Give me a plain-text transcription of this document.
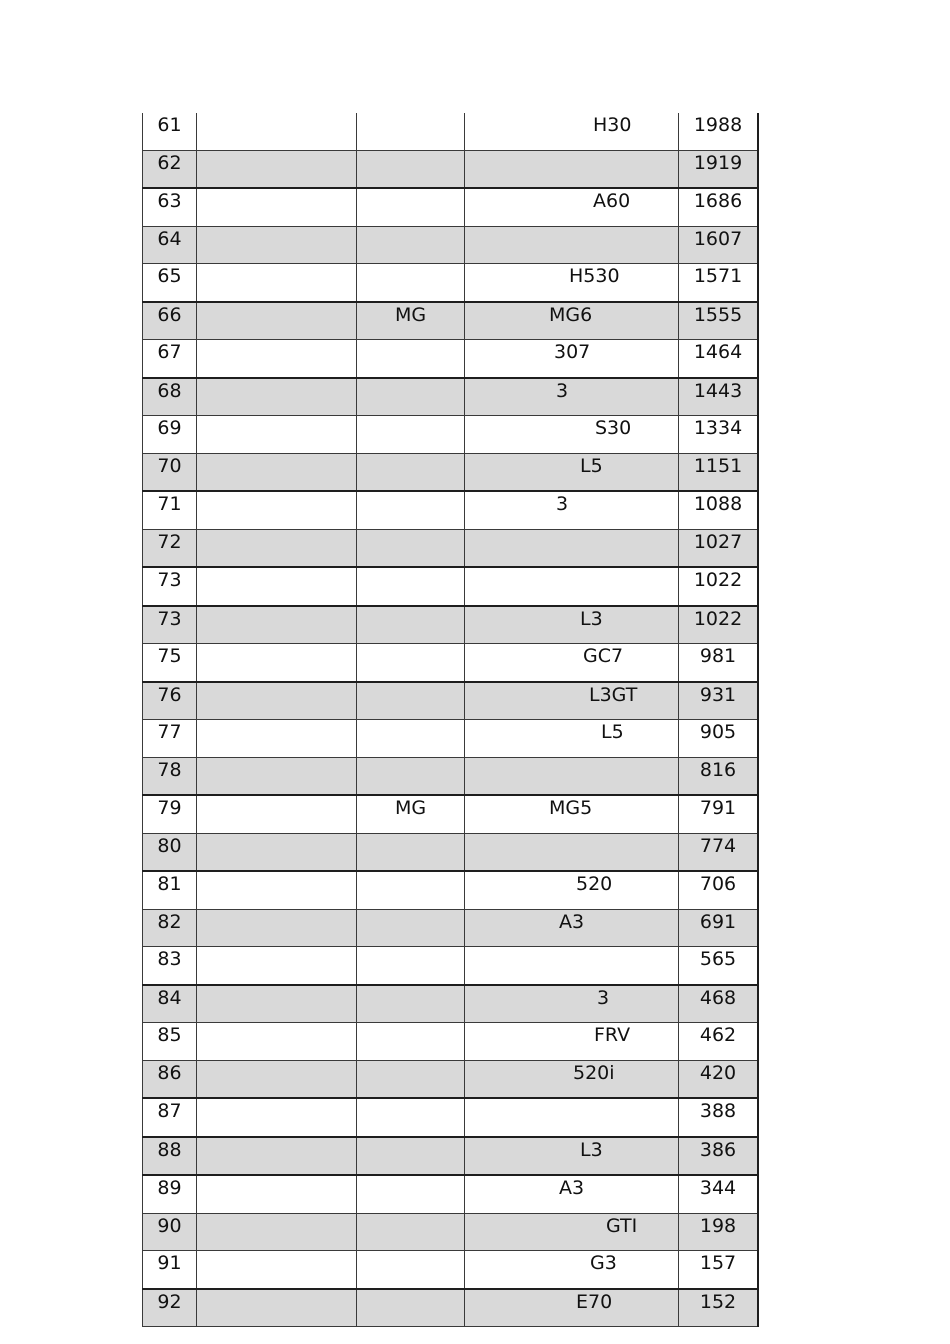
61			H30	1988
62				1919
63			A60	1686
64				1607
65			H530	1571
66		MG	MG6	1555
67			307	1464
68			3	1443
69			S30	1334
70			L5	1151
71			3	1088
72				1027
73				1022
73			L3	1022
75			GC7	981
76			L3GT	931
77			L5	905
78				816
79		MG	MG5	791
80				774
81			520	706
82			A3	691
83				565
84			3	468
85			FRV	462
86			520i	420
87				388
88			L3	386
89			A3	344
90			GTI	198
91			G3	157
92			E70	152
